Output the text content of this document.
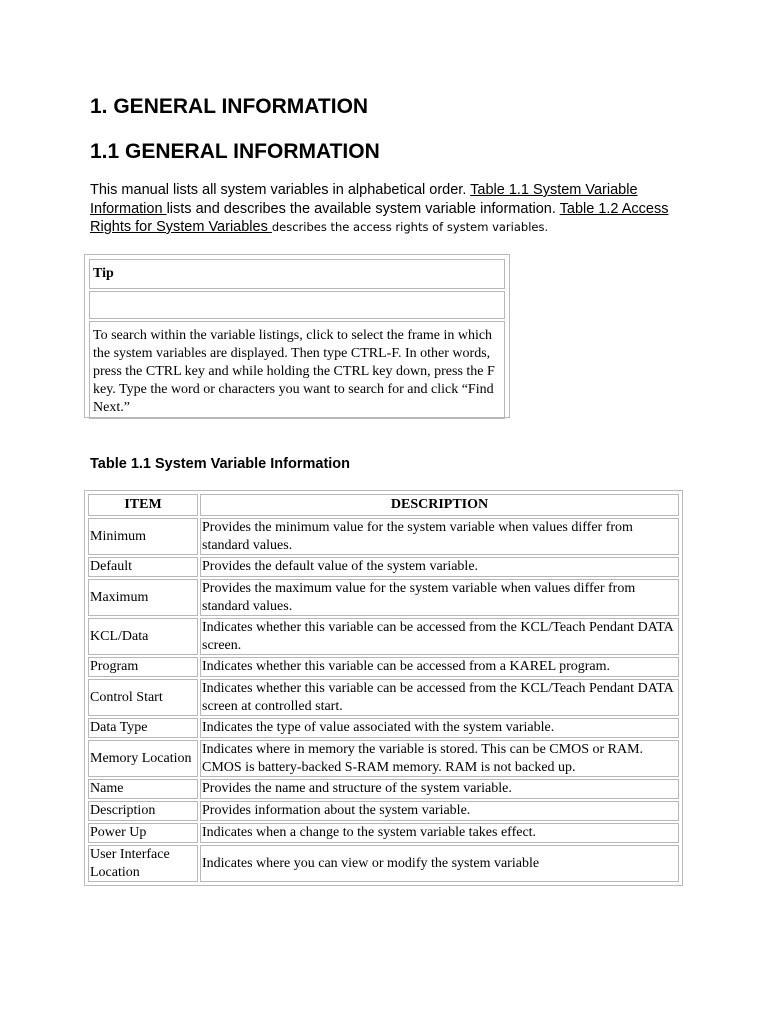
1. GENERAL INFORMATION
1.1 GENERAL INFORMATION

This manual lists all system variables in alphabetical order. Table 1.1 System Variable Information lists and describes the available system variable information. Table 1.2 Access Rights for System Variables describes the access rights of system variables.

Tip

To search within the variable listings, click to select the frame in which the system variables are displayed. Then type CTRL-F. In other words, press the CTRL key and while holding the CTRL key down, press the F key. Type the word or characters you want to search for and click “Find Next.”

Table 1.1 System Variable Information

ITEM	DESCRIPTION
Minimum	Provides the minimum value for the system variable when values differ from standard values.
Default	Provides the default value of the system variable.
Maximum	Provides the maximum value for the system variable when values differ from standard values.
KCL/Data	Indicates whether this variable can be accessed from the KCL/Teach Pendant DATA screen.
Program	Indicates whether this variable can be accessed from a KAREL program.
Control Start	Indicates whether this variable can be accessed from the KCL/Teach Pendant DATA screen at controlled start.
Data Type	Indicates the type of value associated with the system variable.
Memory Location	Indicates where in memory the variable is stored. This can be CMOS or RAM. CMOS is battery-backed S-RAM memory. RAM is not backed up.
Name	Provides the name and structure of the system variable.
Description	Provides information about the system variable.
Power Up	Indicates when a change to the system variable takes effect.
User Interface Location	Indicates where you can view or modify the system variable
